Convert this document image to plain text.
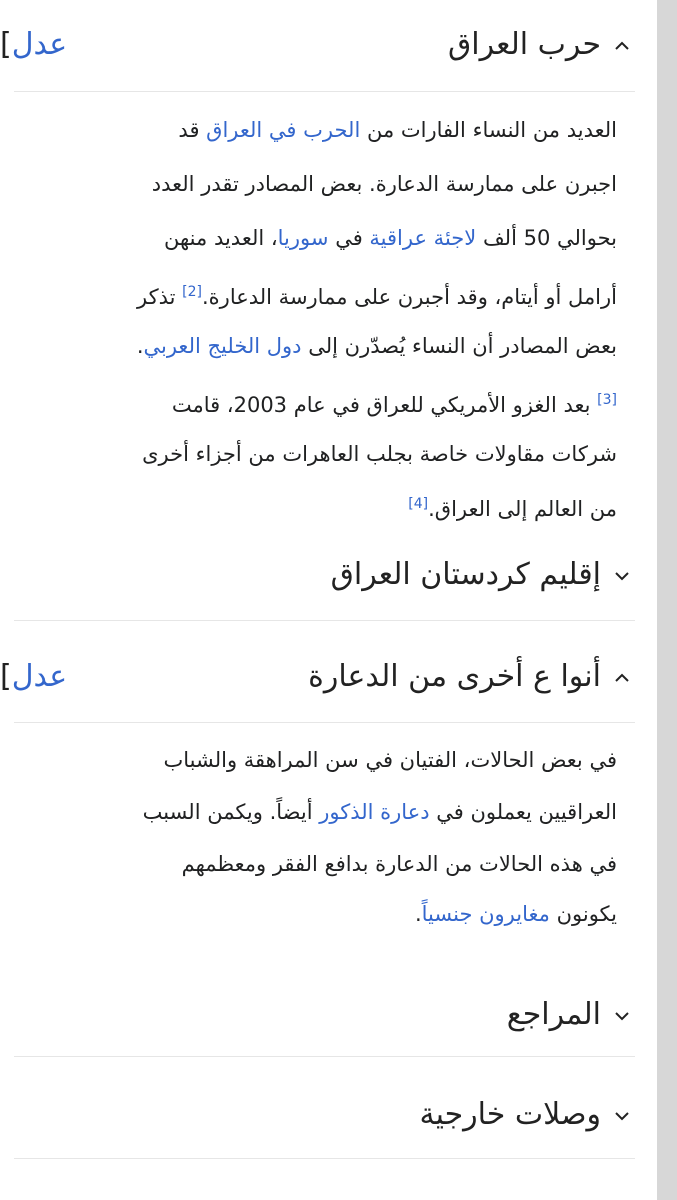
حرب العراق
[عدل
العديد من النساء الفارات من الحرب في العراق قد
اجبرن على ممارسة الدعارة. بعض المصادر تقدر العدد
بحوالي 50 ألف لاجئة عراقية في سوريا، العديد منهن
أرامل أو أيتام، وقد أجبرن على ممارسة الدعارة.[2] تذكر
بعض المصادر أن النساء يُصدّرن إلى دول الخليج العربي.
[3] بعد الغزو الأمريكي للعراق في عام 2003، قامت
شركات مقاولات خاصة بجلب العاهرات من أجزاء أخرى
من العالم إلى العراق.[4]
إقليم كردستان العراق
أنوا ع أخرى من الدعارة
[عدل
في بعض الحالات، الفتيان في سن المراهقة والشباب
العراقيين يعملون في دعارة الذكور أيضاً. ويكمن السبب
في هذه الحالات من الدعارة بدافع الفقر ومعظمهم
يكونون مغايرون جنسياً.
المراجع
وصلات خارجية
